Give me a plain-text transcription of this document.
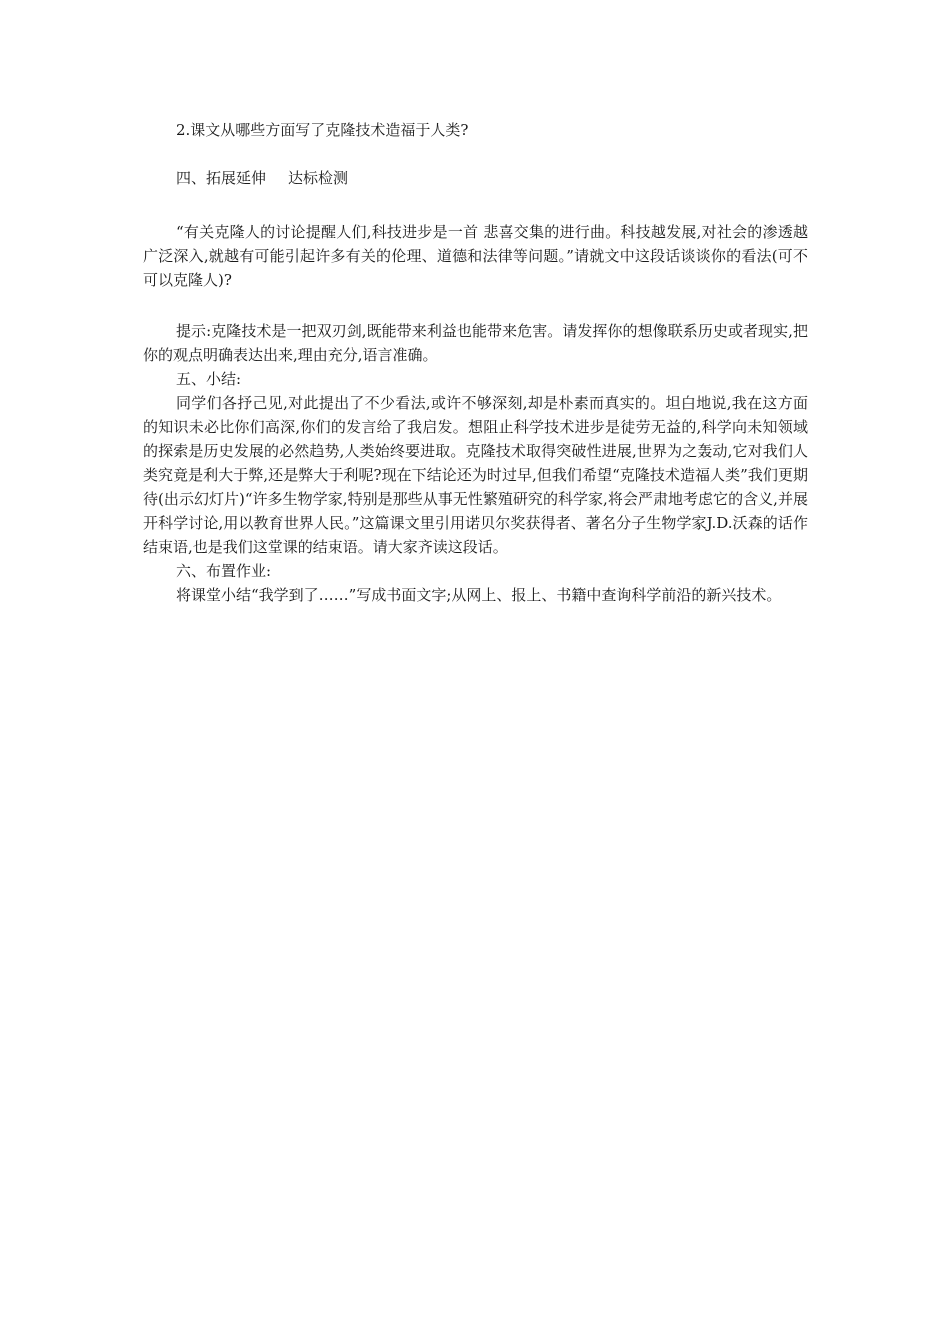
2.课文从哪些方面写了克隆技术造福于人类?

四、拓展延伸 达标检测

“有关克隆人的讨论提醒人们,科技进步是一首 悲喜交集的进行曲。科技越发展,对社会的渗透越广泛深入,就越有可能引起许多有关的伦理、道德和法律等问题。”请就文中这段话谈谈你的看法(可不可以克隆人)?

提示:克隆技术是一把双刃剑,既能带来利益也能带来危害。请发挥你的想像联系历史或者现实,把你的观点明确表达出来,理由充分,语言准确。

五、小结:

同学们各抒己见,对此提出了不少看法,或许不够深刻,却是朴素而真实的。坦白地说,我在这方面的知识未必比你们高深,你们的发言给了我启发。想阻止科学技术进步是徒劳无益的,科学向未知领域的探索是历史发展的必然趋势,人类始终要进取。克隆技术取得突破性进展,世界为之轰动,它对我们人类究竟是利大于弊,还是弊大于利呢?现在下结论还为时过早,但我们希望“克隆技术造福人类”我们更期待(出示幻灯片)“许多生物学家,特别是那些从事无性繁殖研究的科学家,将会严肃地考虑它的含义,并展开科学讨论,用以教育世界人民。”这篇课文里引用诺贝尔奖获得者、著名分子生物学家J.D.沃森的话作结束语,也是我们这堂课的结束语。请大家齐读这段话。

六、布置作业:

将课堂小结“我学到了……”写成书面文字;从网上、报上、书籍中查询科学前沿的新兴技术。
